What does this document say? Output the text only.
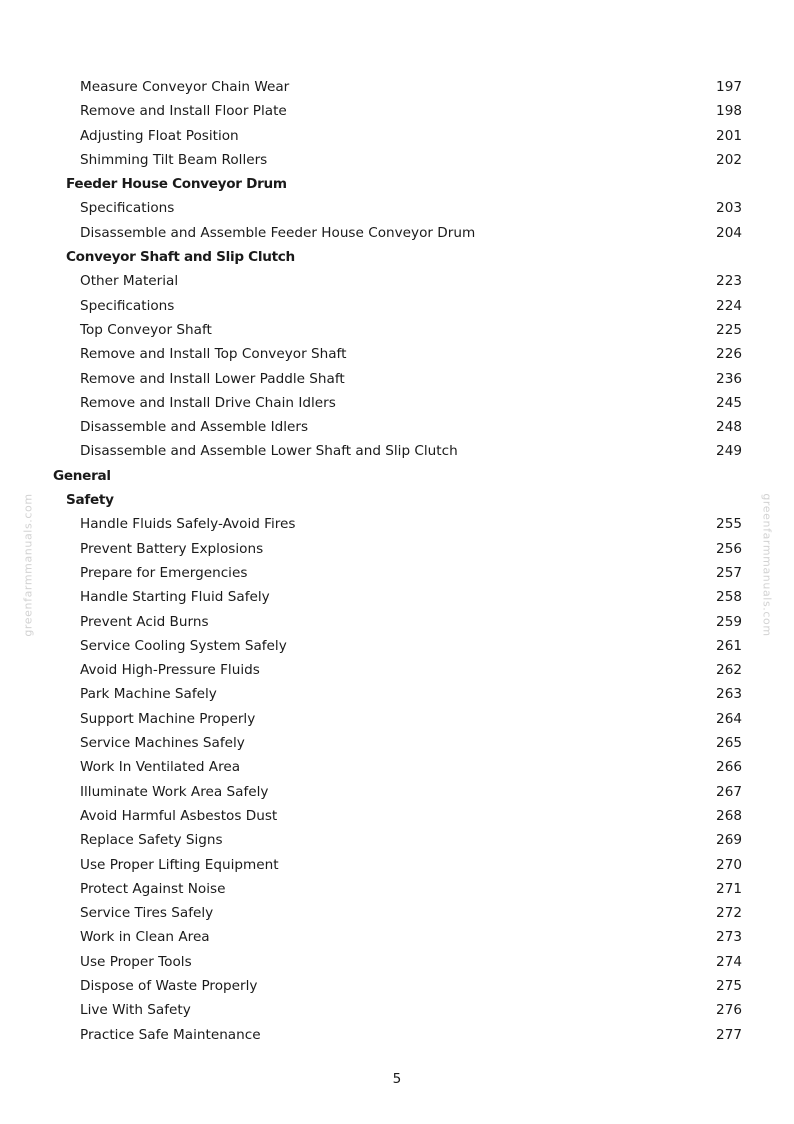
greenfarmmanuals.com	greenfarmmanuals.com
Measure Conveyor Chain Wear	197
Remove and Install Floor Plate	198
Adjusting Float Position	201
Shimming Tilt Beam Rollers	202
Feeder House Conveyor Drum
Specifications	203
Disassemble and Assemble Feeder House Conveyor Drum	204
Conveyor Shaft and Slip Clutch
Other Material	223
Specifications	224
Top Conveyor Shaft	225
Remove and Install Top Conveyor Shaft	226
Remove and Install Lower Paddle Shaft	236
Remove and Install Drive Chain Idlers	245
Disassemble and Assemble Idlers	248
Disassemble and Assemble Lower Shaft and Slip Clutch	249
General
Safety
Handle Fluids Safely-Avoid Fires	255
Prevent Battery Explosions	256
Prepare for Emergencies	257
Handle Starting Fluid Safely	258
Prevent Acid Burns	259
Service Cooling System Safely	261
Avoid High-Pressure Fluids	262
Park Machine Safely	263
Support Machine Properly	264
Service Machines Safely	265
Work In Ventilated Area	266
Illuminate Work Area Safely	267
Avoid Harmful Asbestos Dust	268
Replace Safety Signs	269
Use Proper Lifting Equipment	270
Protect Against Noise	271
Service Tires Safely	272
Work in Clean Area	273
Use Proper Tools	274
Dispose of Waste Properly	275
Live With Safety	276
Practice Safe Maintenance	277
5
